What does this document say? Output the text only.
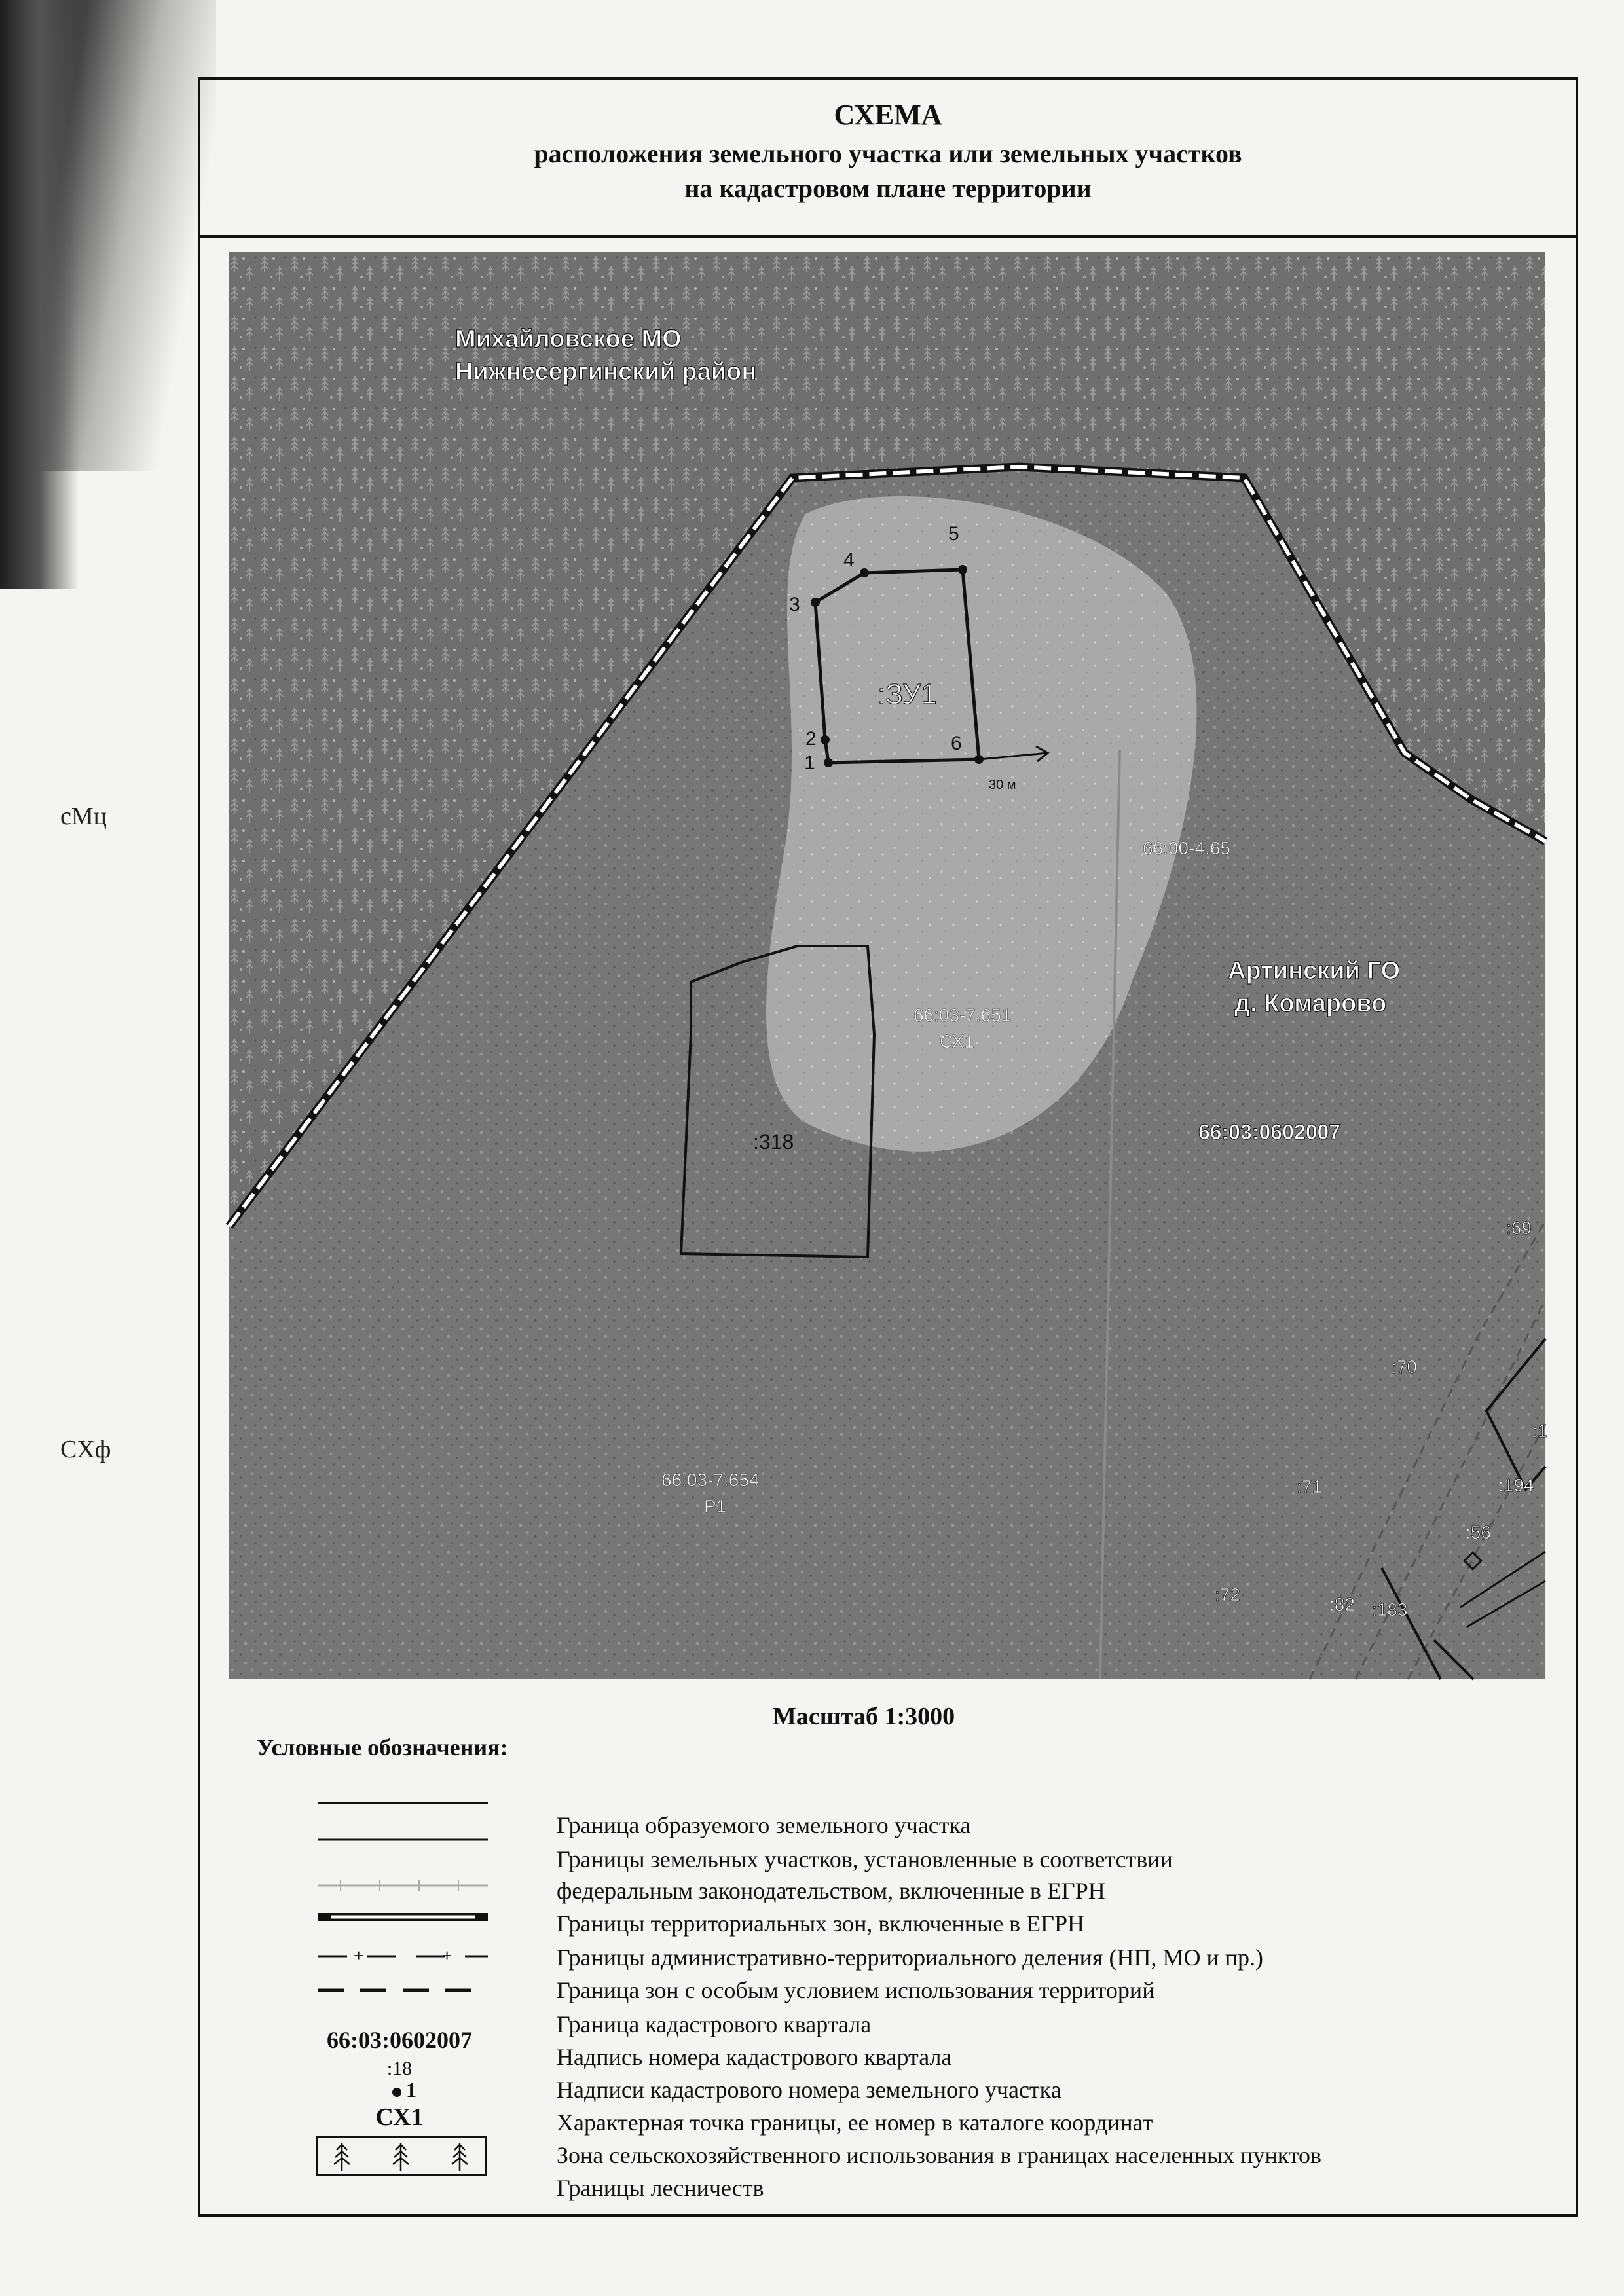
сMц
СXф
СХЕМА
расположения земельного участка или земельных участков
на кадастровом плане территории
1
2
3
4
5
6
:ЗУ1
30 м
:318
:69
:70
:1
:71	:194
:56
:72	:82 :183
Михайловское МО
Нижнесергинский район
Артинский ГО
д. Комарово
66:03:0602007
66:00-4.65
66:03-7.651
СХ1
66:03-7.654
Р1
Масштаб 1:3000
Условные обозначения:
+	+
66:03:0602007
:18
1
СХ1
Граница образуемого земельного участка
Границы земельных участков, установленные в соответствии
федеральным законодательством, включенные в ЕГРН
Границы территориальных зон, включенные в ЕГРН
Границы административно-территориального деления (НП, МО и пр.)
Граница зон с особым условием использования территорий
Граница кадастрового квартала
Надпись номера кадастрового квартала
Надписи кадастрового номера земельного участка
Характерная точка границы, ее номер в каталоге координат
Зона сельскохозяйственного использования в границах населенных пунктов
Границы лесничеств
